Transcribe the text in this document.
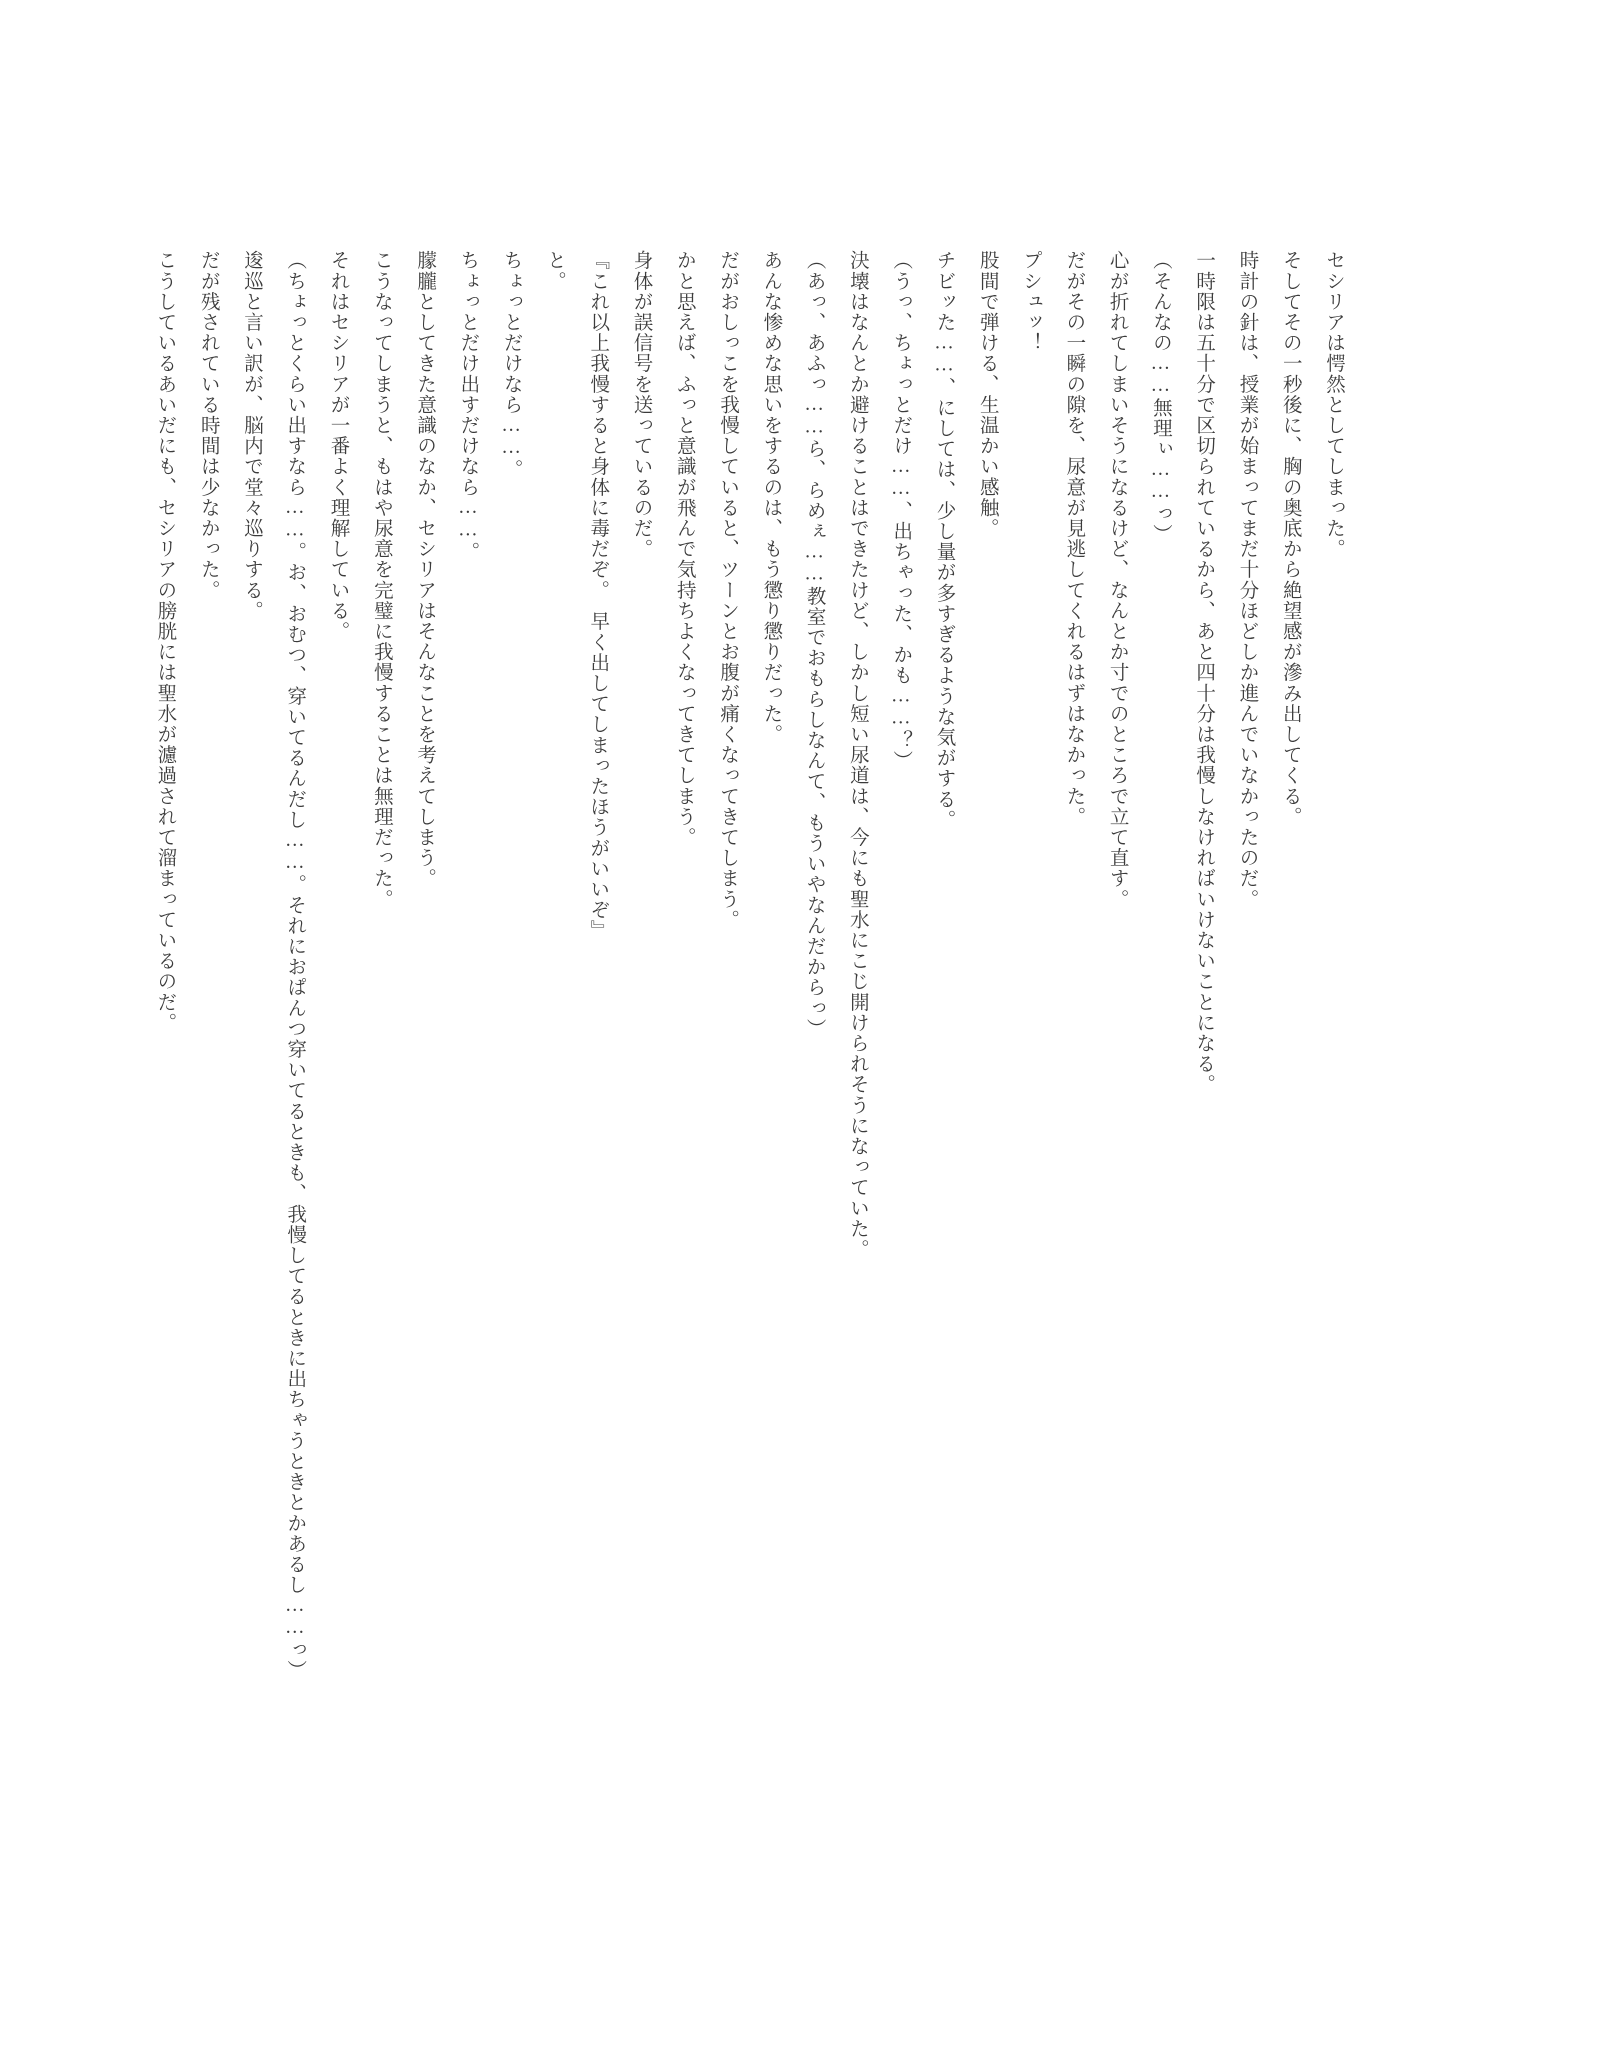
セシリアは愕然としてしまった。

そしてその一秒後に、胸の奥底から絶望感が滲み出してくる。

時計の針は、授業が始まってまだ十分ほどしか進んでいなかったのだ。

一時限は五十分で区切られているから、あと四十分は我慢しなければいけないことになる。

（そんなの……無理ぃ……っ）

心が折れてしまいそうになるけど、なんとか寸でのところで立て直す。

だがその一瞬の隙を、尿意が見逃してくれるはずはなかった。

プシュッ！

股間で弾ける、生温かい感触。

チビッた……、にしては、少し量が多すぎるような気がする。

（うっ、ちょっとだけ……、出ちゃった、かも……？）

決壊はなんとか避けることはできたけど、しかし短い尿道は、今にも聖水にこじ開けられそうになっていた。

（あっ、あふっ……ら、らめぇ……教室でおもらしなんて、もういやなんだからっ）

あんな惨めな思いをするのは、もう懲り懲りだった。

だがおしっこを我慢していると、ツーンとお腹が痛くなってきてしまう。

かと思えば、ふっと意識が飛んで気持ちよくなってきてしまう。

身体が誤信号を送っているのだ。

『これ以上我慢すると身体に毒だぞ。　早く出してしまったほうがいいぞ』

と。

ちょっとだけなら……。

ちょっとだけ出すだけなら……。

朦朧としてきた意識のなか、セシリアはそんなことを考えてしまう。

こうなってしまうと、もはや尿意を完璧に我慢することは無理だった。

それはセシリアが一番よく理解している。

（ちょっとくらい出すなら……。お、おむつ、穿いてるんだし……。それにおぱんつ穿いてるときも、我慢してるときに出ちゃうときとかあるし……っ）

逡巡と言い訳が、脳内で堂々巡りする。

だが残されている時間は少なかった。

こうしているあいだにも、セシリアの膀胱には聖水が濾過されて溜まっているのだ。
